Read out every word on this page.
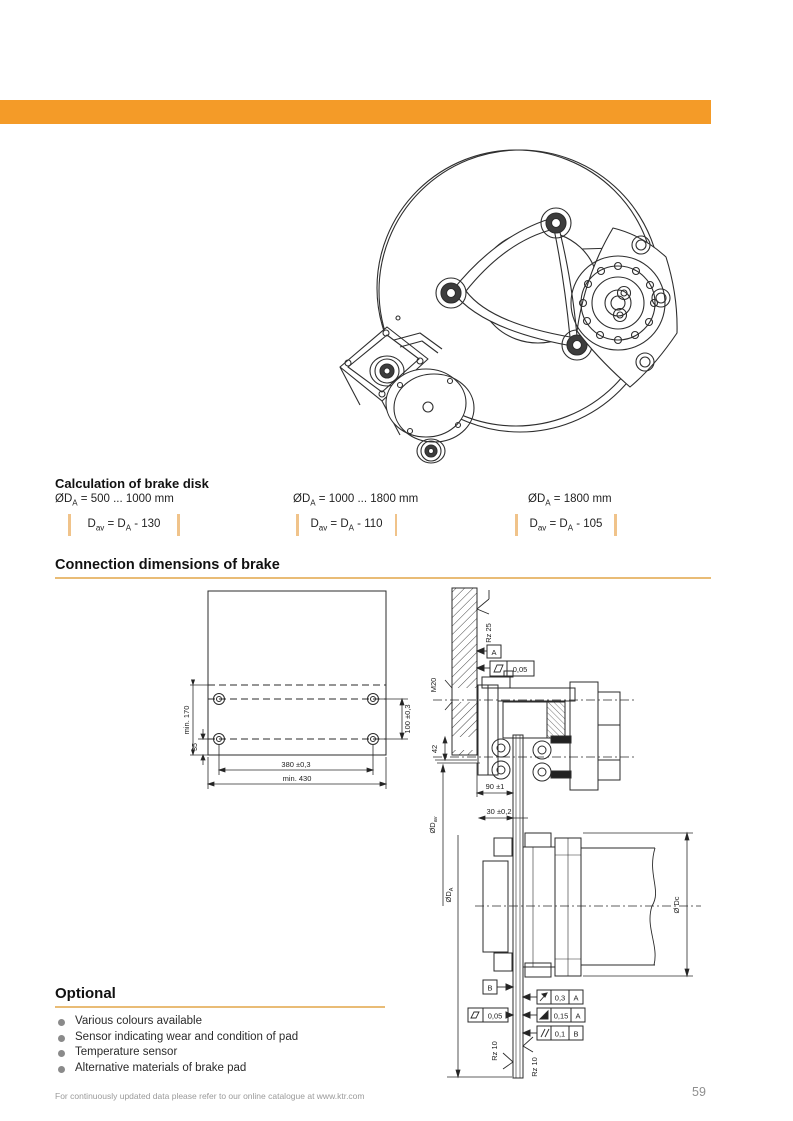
Calculation of brake disk
$ØD_A = 500$ ... 1000 mm	$ØD_A = 1000$ ... 1800 mm	$ØD_A = 1800$ mm
$D_{av} = D_A - 130$	$D_{av} = D_A - 110$	$D_{av} = D_A - 105$
Connection dimensions of brake
min. 170
35
100 ±0,3
380 ±0,3
min. 430
Rz 25
A
0,05
M20
42
90 ±1
30 ±0,2
$ØD_{av}$
$ØD_A$
Ø Dc
B
0,05
0,3 A
0,15 A
0,1 B
Rz 10
Rz 10
Optional
Various colours available
Sensor indicating wear and condition of pad
Temperature sensor
Alternative materials of brake pad
For continuously updated data please refer to our online catalogue at www.ktr.com	59
